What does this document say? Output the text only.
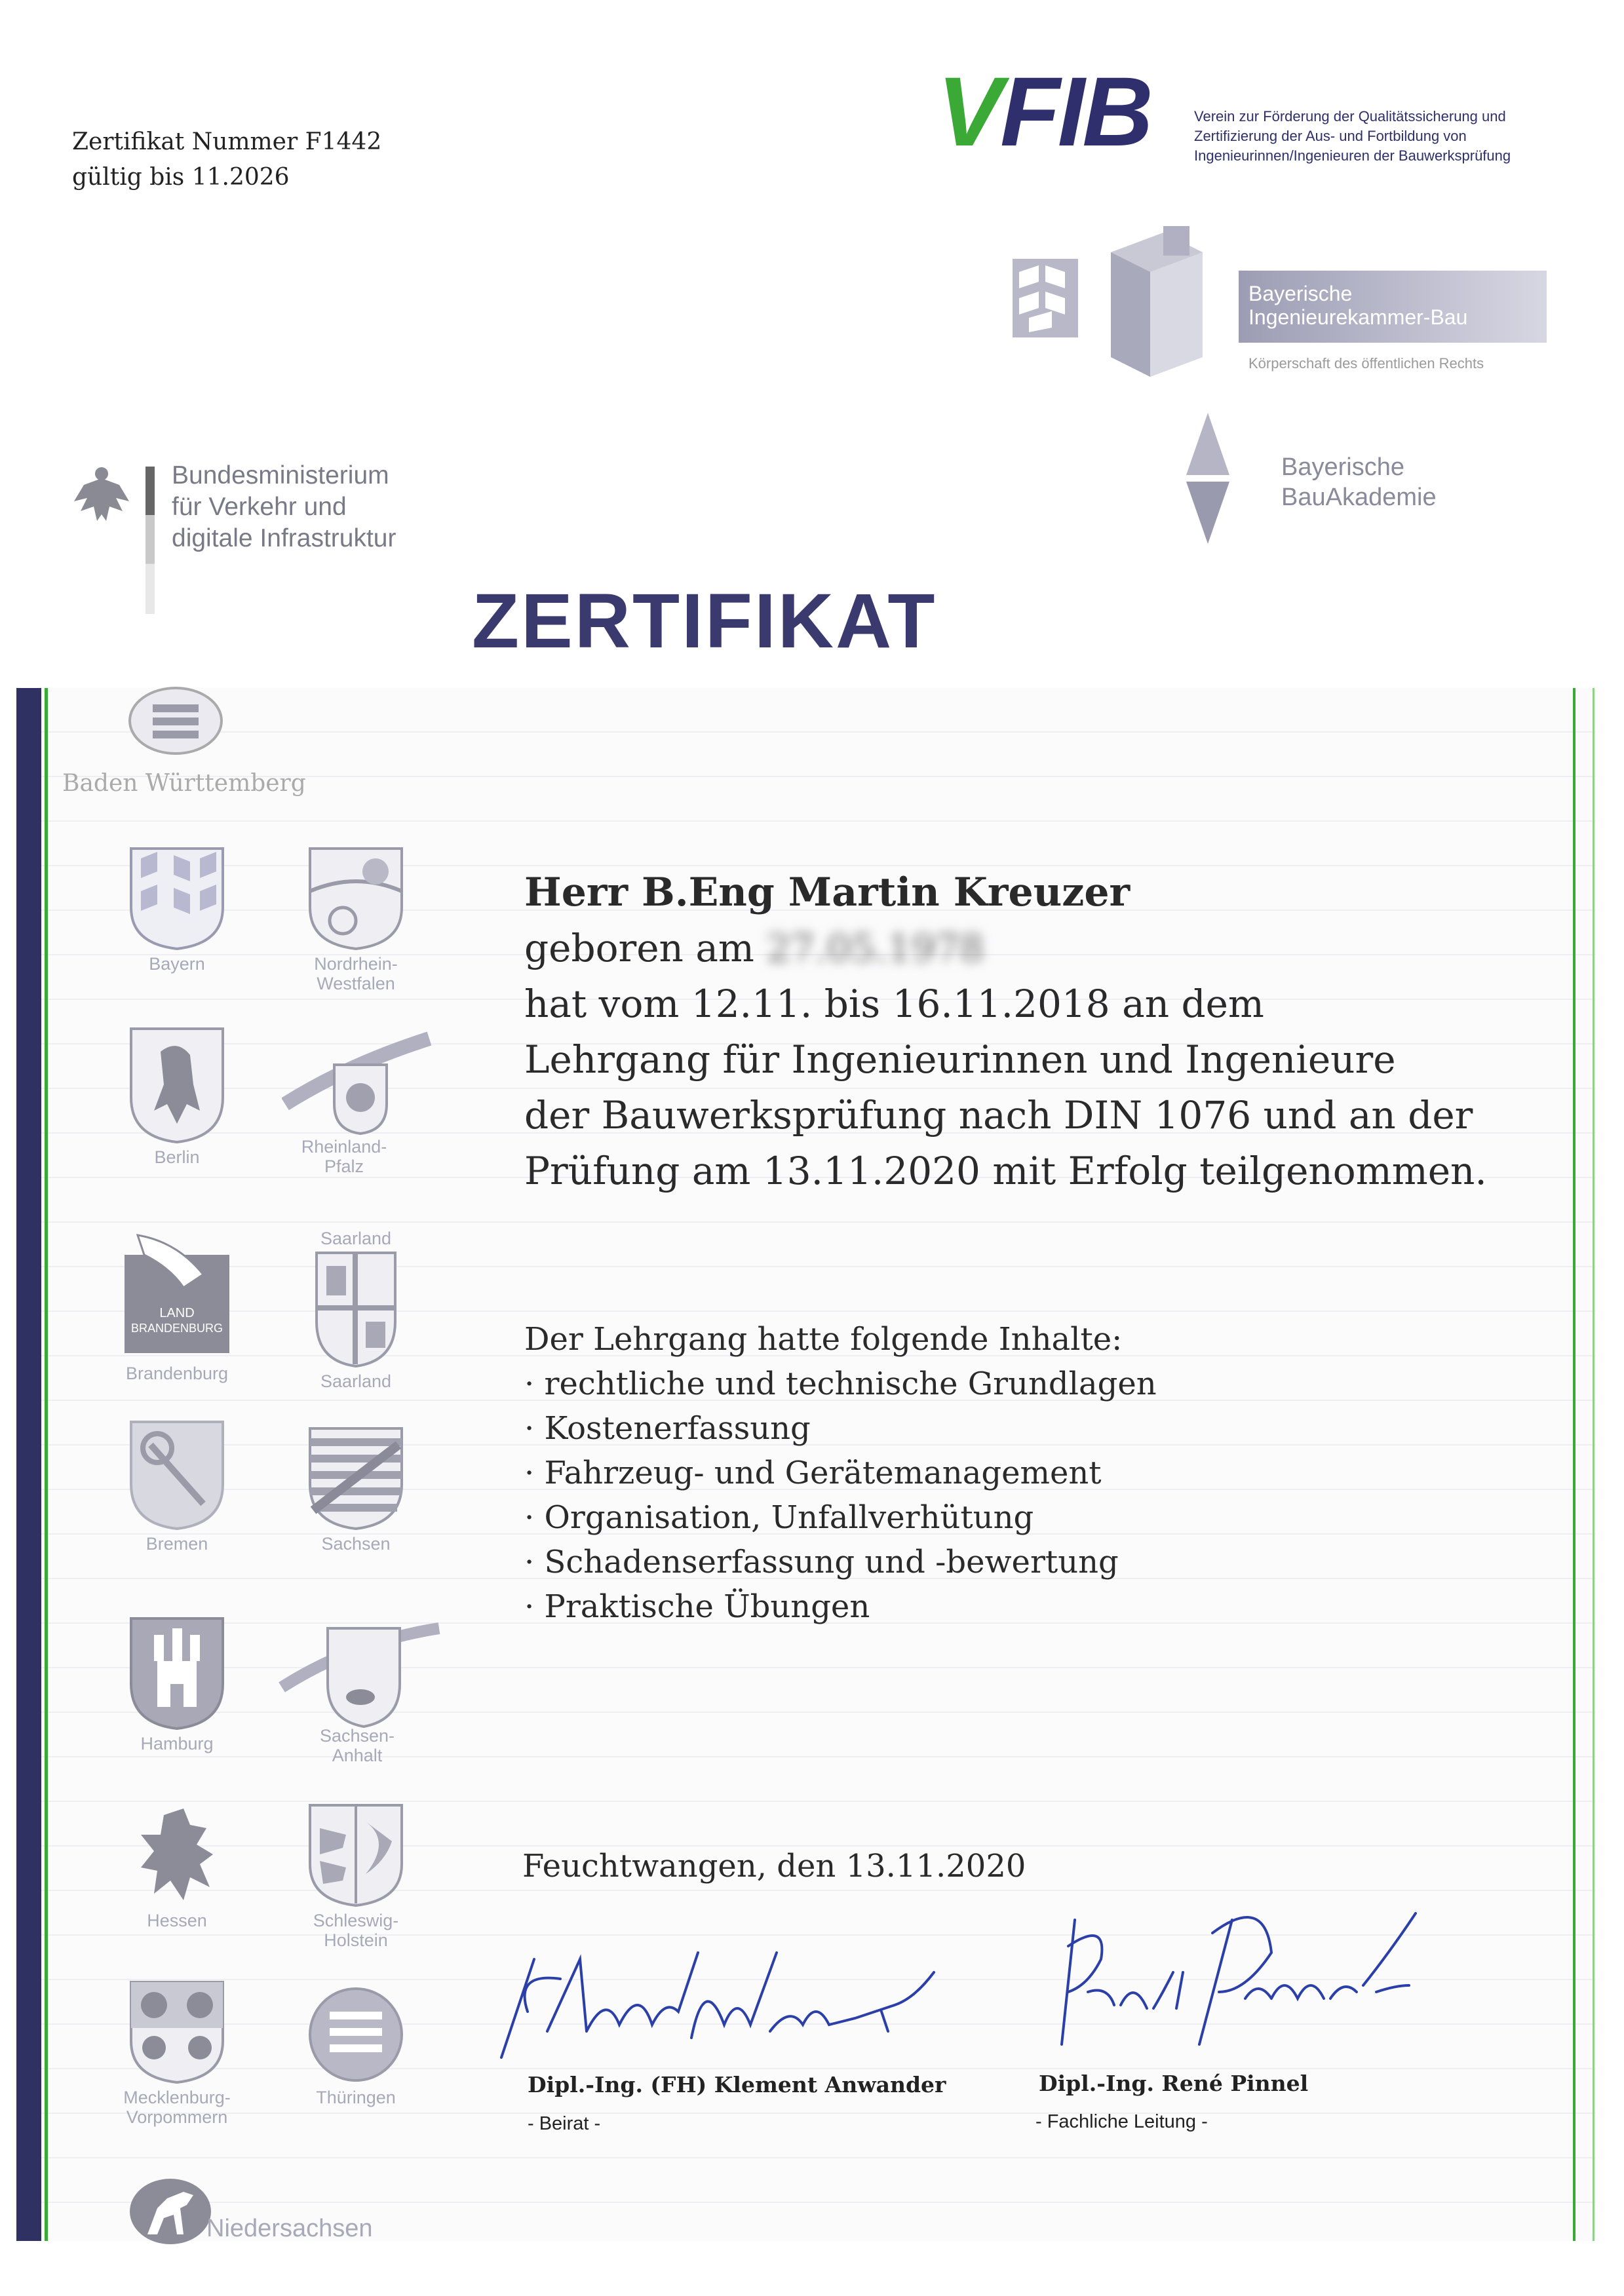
Zertifikat Nummer F1442
gültig bis 11.2026
VFIB	Verein zur Förderung der Qualitätssicherung und
Zertifizierung der Aus- und Fortbildung von
Ingenieurinnen/Ingenieuren der Bauwerksprüfung
Bayerische
Ingenieurekammer-Bau
Körperschaft des öffentlichen Rechts
Bayerische
BauAkademie
Bundesministerium
für Verkehr und
digitale Infrastruktur
ZERTIFIKAT
Baden Württemberg
Bayern	Nordrhein-
Westfalen
Berlin
Rheinland-
Pfalz
LAND
BRANDENBURG
Brandenburg
Saarland
Saarland
Bremen	Sachsen
Hamburg	Sachsen-
Anhalt
Hessen	Schleswig-
Holstein
Mecklenburg-
Vorpommern
Thüringen
Niedersachsen
Herr B.Eng Martin Kreuzer
geboren am 27.05.1978
hat vom 12.11. bis 16.11.2018 an dem
Lehrgang für Ingenieurinnen und Ingenieure
der Bauwerksprüfung nach DIN 1076 und an der
Prüfung am 13.11.2020 mit Erfolg teilgenommen.
Der Lehrgang hatte folgende Inhalte:
· rechtliche und technische Grundlagen
· Kostenerfassung
· Fahrzeug- und Gerätemanagement
· Organisation, Unfallverhütung
· Schadenserfassung und -bewertung
· Praktische Übungen
Feuchtwangen, den 13.11.2020
Dipl.-Ing. (FH) Klement Anwander
- Beirat -
Dipl.-Ing. René Pinnel
- Fachliche Leitung -
